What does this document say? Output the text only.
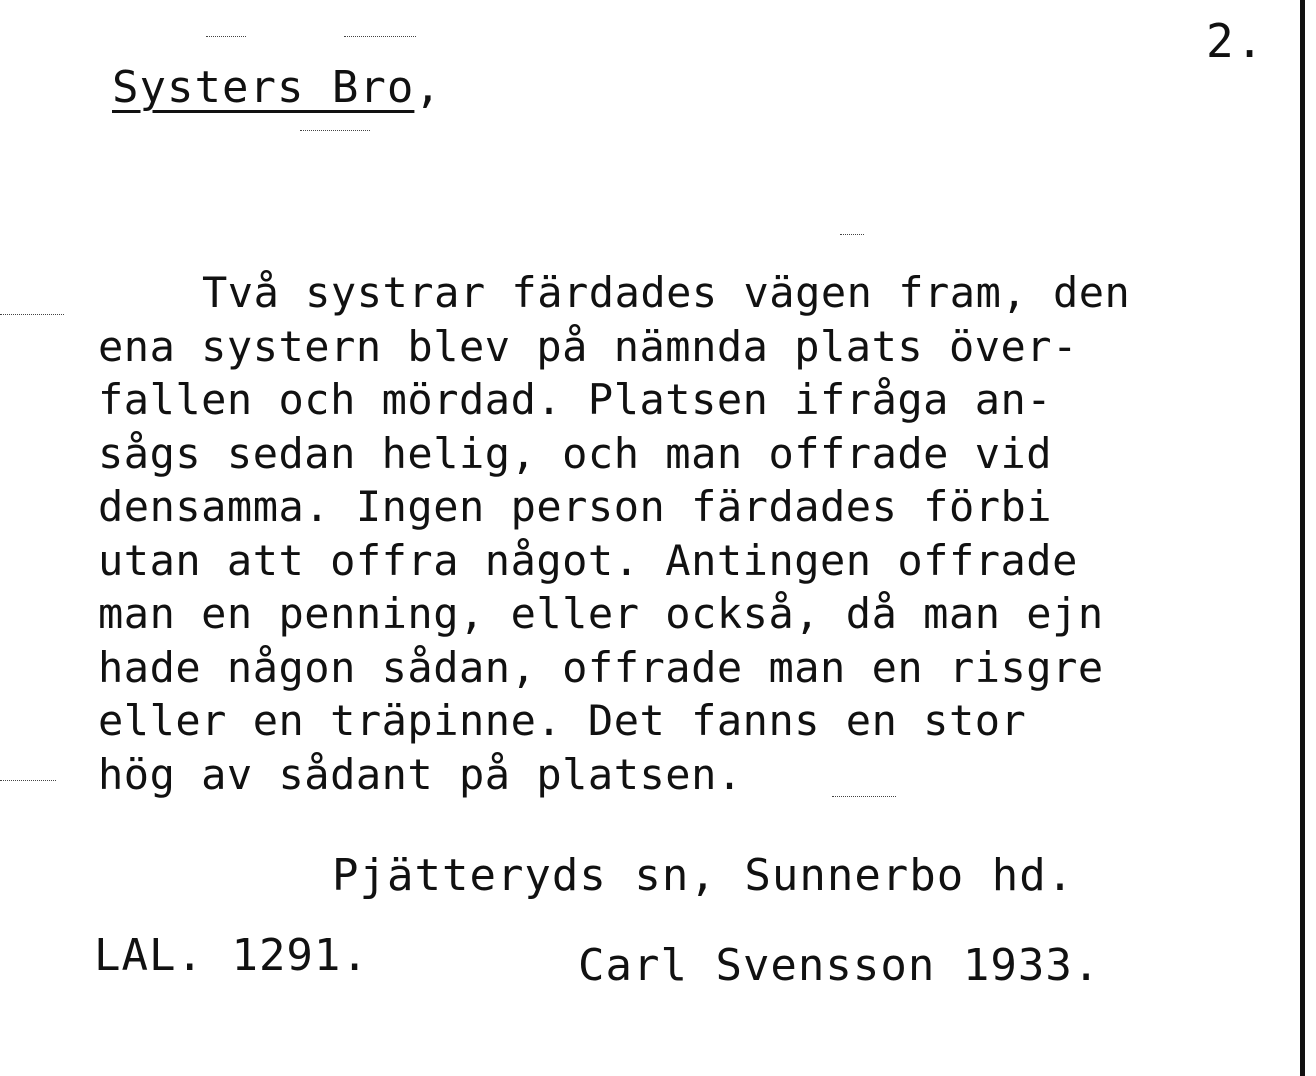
2.
Systers Bro,

Två systrar färdades vägen fram, den
ena systern blev på nämnda plats över-
fallen och mördad. Platsen ifråga an-
sågs sedan helig, och man offrade vid
densamma. Ingen person färdades förbi
utan att offra något. Antingen offrade
man en penning, eller också, då man ejn
hade någon sådan, offrade man en risgre
eller en träpinne. Det fanns en stor
hög av sådant på platsen.

Pjätteryds sn, Sunnerbo hd.
LAL. 1291.	Carl Svensson 1933.
